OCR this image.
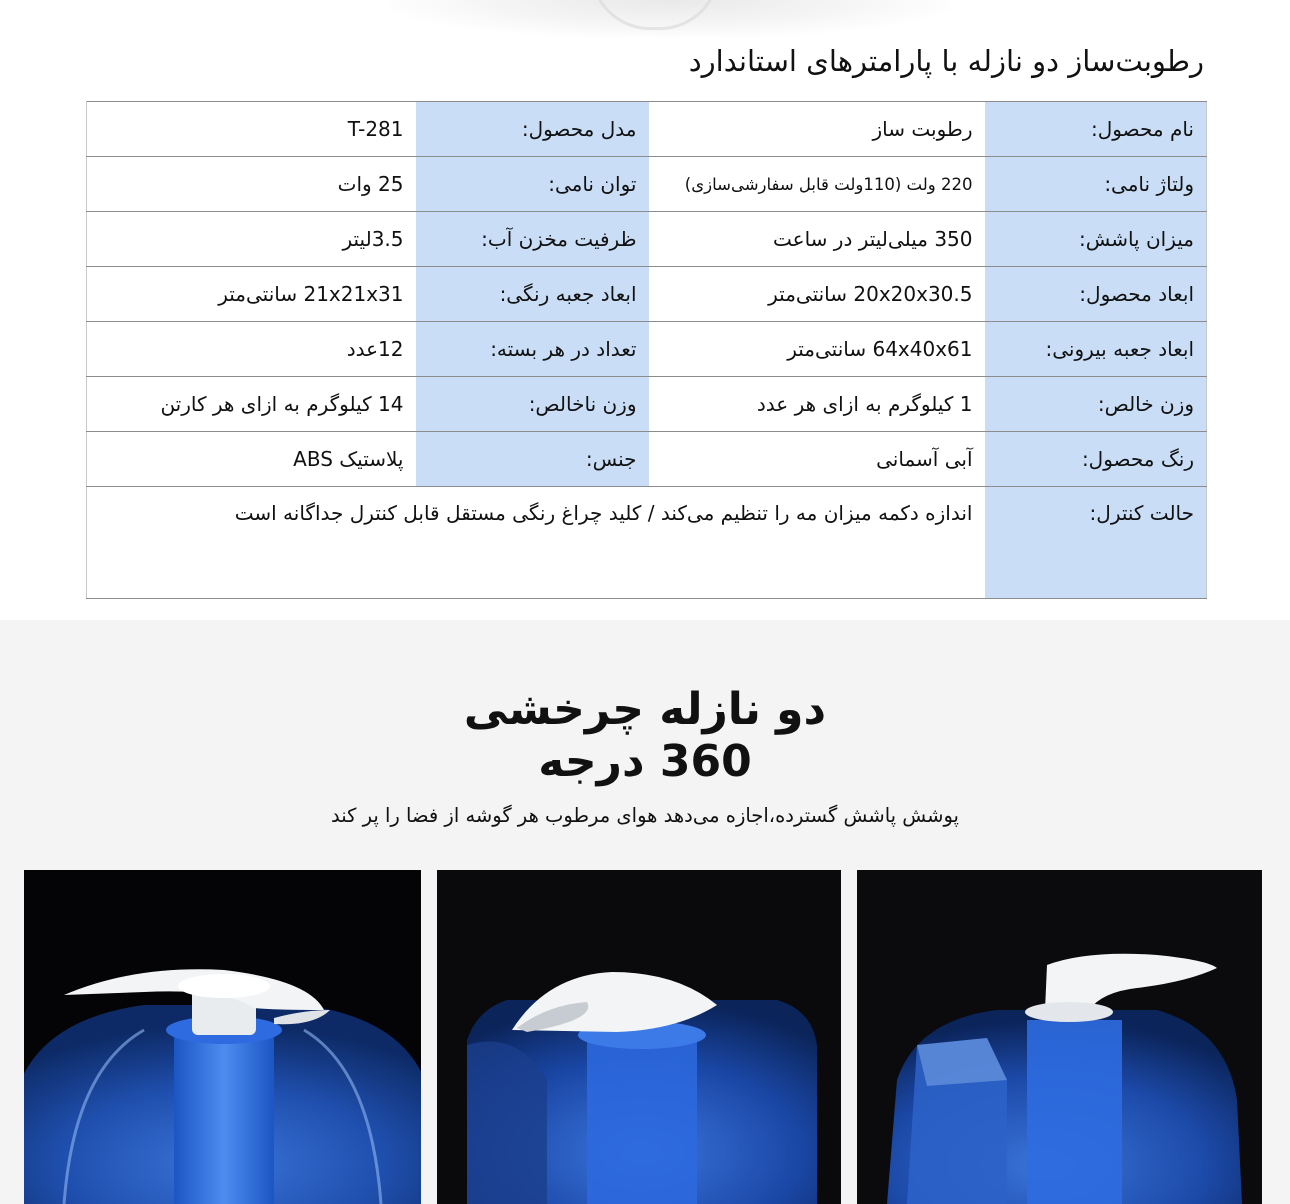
رطوبت‌ساز دو نازله با پارامترهای استاندارد
نام محصول:	رطوبت ساز	مدل محصول:	T-281
ولتاژ نامی:	220 ولت (110ولت قابل سفارشی‌سازی)	توان نامی:	25 وات
میزان پاشش:	350 میلی‌لیتر در ساعت	ظرفیت مخزن آب:	3.5لیتر
ابعاد محصول:	20x20x30.5 سانتی‌متر	ابعاد جعبه رنگی:	21x21x31 سانتی‌متر
ابعاد جعبه بیرونی:	64x40x61 سانتی‌متر	تعداد در هر بسته:	12عدد
وزن خالص:	1 کیلوگرم به ازای هر عدد	وزن ناخالص:	14 کیلوگرم به ازای هر کارتن
رنگ محصول:	آبی آسمانی	جنس:	پلاستیک ABS
حالت کنترل:	اندازه دکمه میزان مه را تنظیم می‌کند / کلید چراغ رنگی مستقل قابل کنترل جداگانه است		
دو نازله چرخشی
360 درجه

پوشش پاشش گسترده،اجازه می‌دهد هوای مرطوب هر گوشه از فضا را پر کند
